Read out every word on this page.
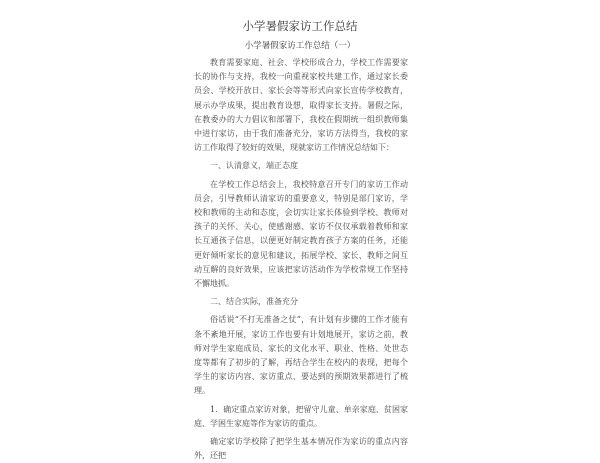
小学暑假家访工作总结
小学暑假家访工作总结（一）

教育需要家庭、社会、学校形成合力，学校工作需要家长的协作与支持，我校一向重视家校共建工作，通过家长委员会、学校开放日、家长会等等形式向家长宣传学校教育，展示办学成果，提出教育设想，取得家长支持。暑假之际，在教委办的大力倡议和部署下，我校在假期统一组织教师集中进行家访，由于我们准备充分，家访方法得当，我校的家访工作取得了较好的效果，现就家访工作情况总结如下：

一、认清意义，端正态度

在学校工作总结会上，我校特意召开专门的家访工作动员会，引导教师认清家访的重要意义，特别是部门家访，学校和教师的主动和态度，会切实让家长体验到学校、教师对孩子的关怀、关心，使感谢感、家访不仅仅承载着教师和家长互通孩子信息，以便更好制定教育孩子方案的任务，还能更好倾听家长的意见和建议，拓展学校、家长、教师之间互动互解的良好效果，应该把家访活动作为学校常规工作坚持不懈地抓。

二、结合实际，准备充分

俗话说“不打无准备之仗”，有计划有步骤的工作才能有条不紊地开展，家访工作也要有计划地展开，家访之前，教师对学生家庭成员、家长的文化水平、职业、性格、处世态度等都有了初步的了解，再结合学生在校内的表现，把每个学生的家访内容、家访重点、要达到的预期效果都进行了梳理。

1．确定重点家访对象，把留守儿童、单亲家庭、贫困家庭、学困生家庭等作为家访的重点。

确定家访学校除了把学生基本情况作为家访的重点内容外，还把
